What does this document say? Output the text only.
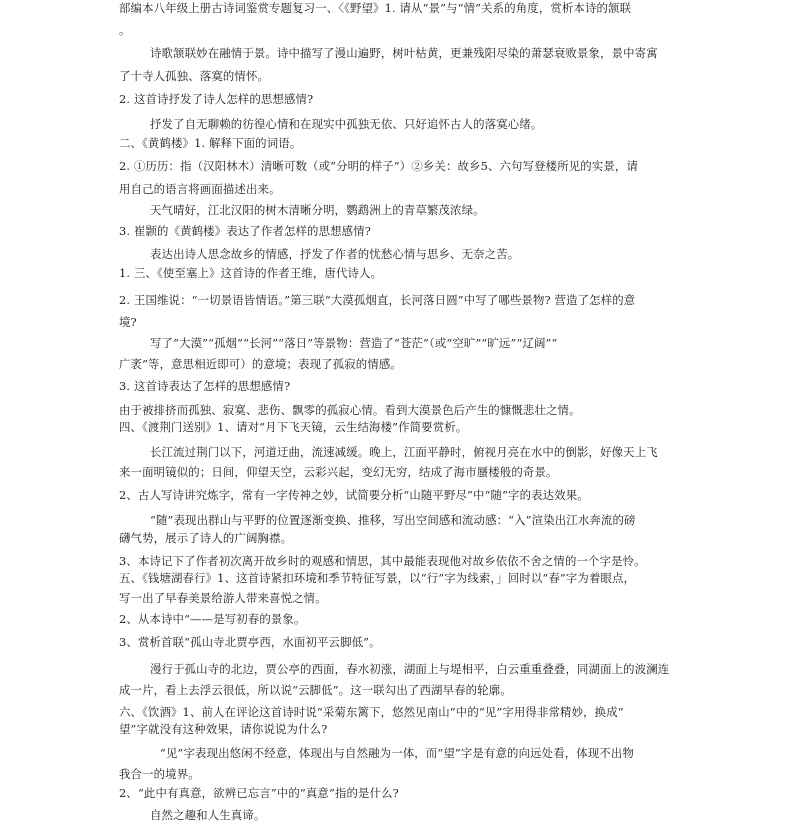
部编本八年级上册古诗词鉴赏专题复习一、〈《野望》1. 请从“景”与“情”关系的角度，赏析本诗的颔联
。
诗歌颔联妙在融情于景。诗中描写了漫山遍野，树叶枯黄，更兼残阳尽染的萧瑟衰败景象，景中寄寓
了十寺人孤独、落寞的情怀。
2. 这首诗抒发了诗人怎样的思想感情?
抒发了自无聊赖的彷徨心情和在现实中孤独无依、只好追怀古人的落寞心绪。
二、《黄鹤楼》1. 解释下面的词语。
2. ①历历：指（汉阳林木）清晰可数（或“分明的样子”）②乡关：故乡5、六句写登楼所见的实景，请
用自己的语言将画面描述出来。
天气晴好，江北汉阳的树木清晰分明，鹦鹉洲上的青草繁茂浓绿。
3. 崔颢的《黄鹤楼》表达了作者怎样的思想感情?
表达出诗人思念故乡的情感，抒发了作者的忧愁心情与思乡、无奈之苦。
1. 三、《使至塞上》这首诗的作者王维，唐代诗人。
2. 王国维说：“一切景语皆情语。”第三联“大漠孤烟直，长河落日圆”中写了哪些景物? 营造了怎样的意
境?
写了“大漠”“孤烟”“长河”“落日”等景物：营造了“苍茫”（或“空旷”“旷远”“辽阔”“
广袤”等，意思相近即可）的意境；表现了孤寂的情感。
3. 这首诗表达了怎样的思想感情?
由于被排挤而孤独、寂寞、悲伤、飘零的孤寂心情。看到大漠景色后产生的慷慨悲壮之情。
四、《渡荆门送别》1、请对“月下飞天镜，云生结海楼”作简要赏析。
长江流过荆门以下，河道迂曲，流速减缓。晚上，江面平静时，俯视月亮在水中的倒影，好像天上飞
来一面明镜似的；日间，仰望天空，云彩兴起，变幻无穷，结成了海市蜃楼般的奇景。
2、古人写诗讲究炼字，常有一字传神之妙，试简要分析“山随平野尽”中“随”字的表达效果。
“随”表现出群山与平野的位置逐渐变换、推移，写出空间感和流动感：“入”渲染出江水奔流的磅
礴气势，展示了诗人的广阔胸襟。
3、本诗记下了作者初次离开故乡时的观感和情思，其中最能表现他对故乡依依不舍之情的一个字是怜。
五、《钱塘湖春行》1、这首诗紧扣环境和季节特征写景，以“行”字为线索，」回时以“春”字为着眼点，
写一出了早春美景给游人带来喜悦之情。
2、从本诗中“——是写初春的景象。
3、赏析首联“孤山寺北贾亭西，水面初平云脚低”。
漫行于孤山寺的北边，贾公亭的西面，春水初涨，湖面上与堤相平，白云重重叠叠，同湖面上的波澜连
成一片，看上去浮云很低，所以说“云脚低”。这一联勾出了西湖早春的轮廓。
六、《饮酒》1、前人在评论这首诗时说“采菊东篱下，悠然见南山”中的“见”字用得非常精妙，换成“
望”字就没有这种效果，请你说说为什么?
“见”字表现出悠闲不经意，体现出与自然融为一体，而“望”字是有意的向远处看，体现不出物
我合一的境界。
2、“此中有真意，欲辨已忘言”中的“真意”指的是什么?
自然之趣和人生真谛。
